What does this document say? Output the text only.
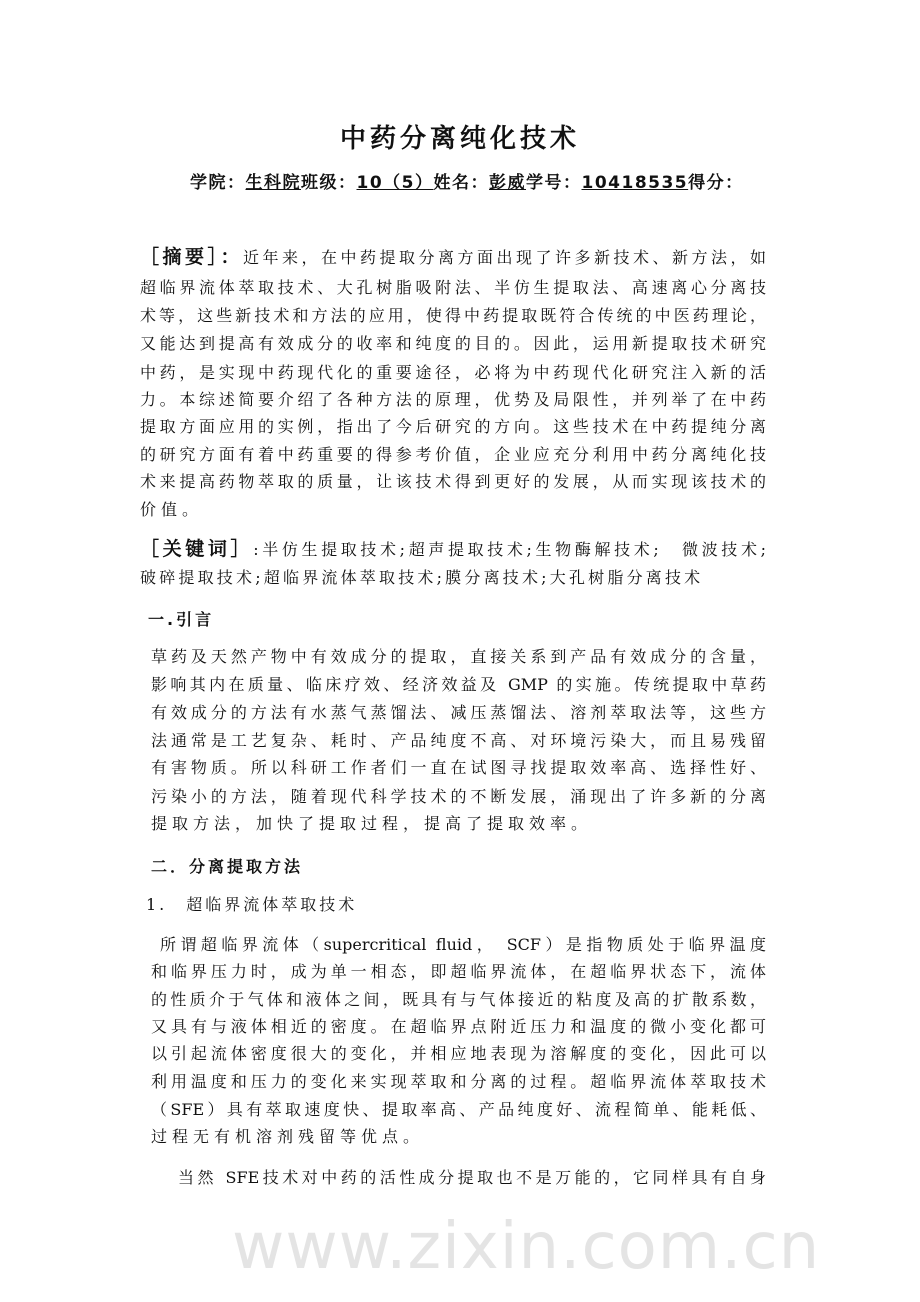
中药分离纯化技术
学院：生科院班级：10（5）姓名：彭威学号：10418535得分：
［摘要］：近年来，在中药提取分离方面出现了许多新技术、新方法，如
超临界流体萃取技术、大孔树脂吸附法、半仿生提取法、高速离心分离技
术等，这些新技术和方法的应用，使得中药提取既符合传统的中医药理论，
又能达到提高有效成分的收率和纯度的目的。因此，运用新提取技术研究
中药，是实现中药现代化的重要途径，必将为中药现代化研究注入新的活
力。本综述简要介绍了各种方法的原理，优势及局限性，并列举了在中药
提取方面应用的实例，指出了今后研究的方向。这些技术在中药提纯分离
的研究方面有着中药重要的得参考价值，企业应充分利用中药分离纯化技
术来提高药物萃取的质量，让该技术得到更好的发展，从而实现该技术的
价值。
［关键词］:半仿生提取技术;超声提取技术;生物酶解技术;　微波技术;
破碎提取技术;超临界流体萃取技术;膜分离技术;大孔树脂分离技术
一.引言
草药及天然产物中有效成分的提取，直接关系到产品有效成分的含量，
影响其内在质量、临床疗效、经济效益及 GMP 的实施。传统提取中草药
有效成分的方法有水蒸气蒸馏法、减压蒸馏法、溶剂萃取法等，这些方
法通常是工艺复杂、耗时、产品纯度不高、对环境污染大，而且易残留
有害物质。所以科研工作者们一直在试图寻找提取效率高、选择性好、
污染小的方法，随着现代科学技术的不断发展，涌现出了许多新的分离
提取方法，加快了提取过程，提高了提取效率。
二．分离提取方法
1.　超临界流体萃取技术
所谓超临界流体（supercritical fluid， SCF）是指物质处于临界温度
和临界压力时，成为单一相态，即超临界流体，在超临界状态下，流体
的性质介于气体和液体之间，既具有与气体接近的粘度及高的扩散系数，
又具有与液体相近的密度。在超临界点附近压力和温度的微小变化都可
以引起流体密度很大的变化，并相应地表现为溶解度的变化，因此可以
利用温度和压力的变化来实现萃取和分离的过程。超临界流体萃取技术
（SFE）具有萃取速度快、提取率高、产品纯度好、流程简单、能耗低、
过程无有机溶剂残留等优点。
当然 SFE技术对中药的活性成分提取也不是万能的，它同样具有自身
www.zixin.com.cn
